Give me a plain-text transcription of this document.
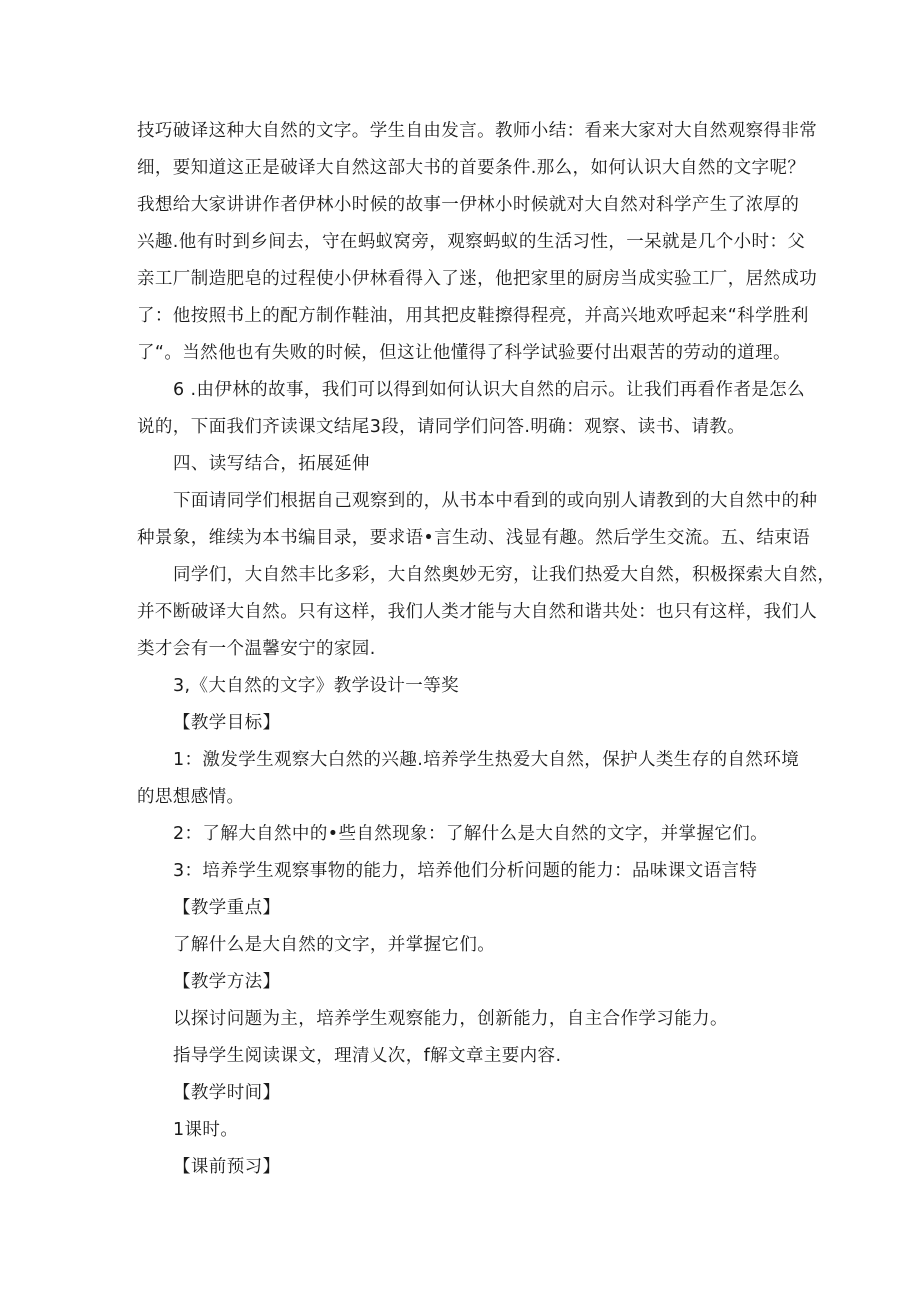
技巧破译这种大自然的文字。学生自由发言。教师小结：看来大家对大自然观察得非常
细，要知道这正是破译大自然这部大书的首要条件.那么，如何认识大自然的文字呢？
我想给大家讲讲作者伊林小时候的故事一伊林小时候就对大自然对科学产生了浓厚的
兴趣.他有时到乡间去，守在蚂蚁窝旁，观察蚂蚁的生活习性，一呆就是几个小时：父
亲工厂制造肥皂的过程使小伊林看得入了迷，他把家里的厨房当成实验工厂，居然成功
了：他按照书上的配方制作鞋油，用其把皮鞋擦得程亮，并高兴地欢呼起来“科学胜利
了“。当然他也有失败的时候，但这让他懂得了科学试验要付出艰苦的劳动的道理。
6 .由伊林的故事，我们可以得到如何认识大自然的启示。让我们再看作者是怎么
说的，下面我们齐读课文结尾3段，请同学们问答.明确：观察、读书、请教。
四、读写结合，拓展延伸
下面请同学们根据自己观察到的，从书本中看到的或向别人请教到的大自然中的种
种景象，维续为本书编目录，要求语•言生动、浅显有趣。然后学生交流。五、结束语
同学们，大自然丰比多彩，大自然奥妙无穷，让我们热爱大自然，积极探索大自然，
并不断破译大自然。只有这样，我们人类才能与大自然和谐共处：也只有这样，我们人
类才会有一个温馨安宁的家园.
3,《大自然的文字》教学设计一等奖
【教学目标】
1：激发学生观察大白然的兴趣.培养学生热爱大自然，保护人类生存的自然环境
的思想感情。
2：了解大自然中的•些自然现象：了解什么是大自然的文字，并掌握它们。
3：培养学生观察事物的能力，培养他们分析问题的能力：品味课文语言特
【教学重点】
了解什么是大自然的文字，并掌握它们。
【教学方法】
以探讨问题为主，培养学生观察能力，创新能力，自主合作学习能力。
指导学生阅读课文，理清乂次，f解文章主要内容.
【教学时间】
1课时。
【课前预习】
